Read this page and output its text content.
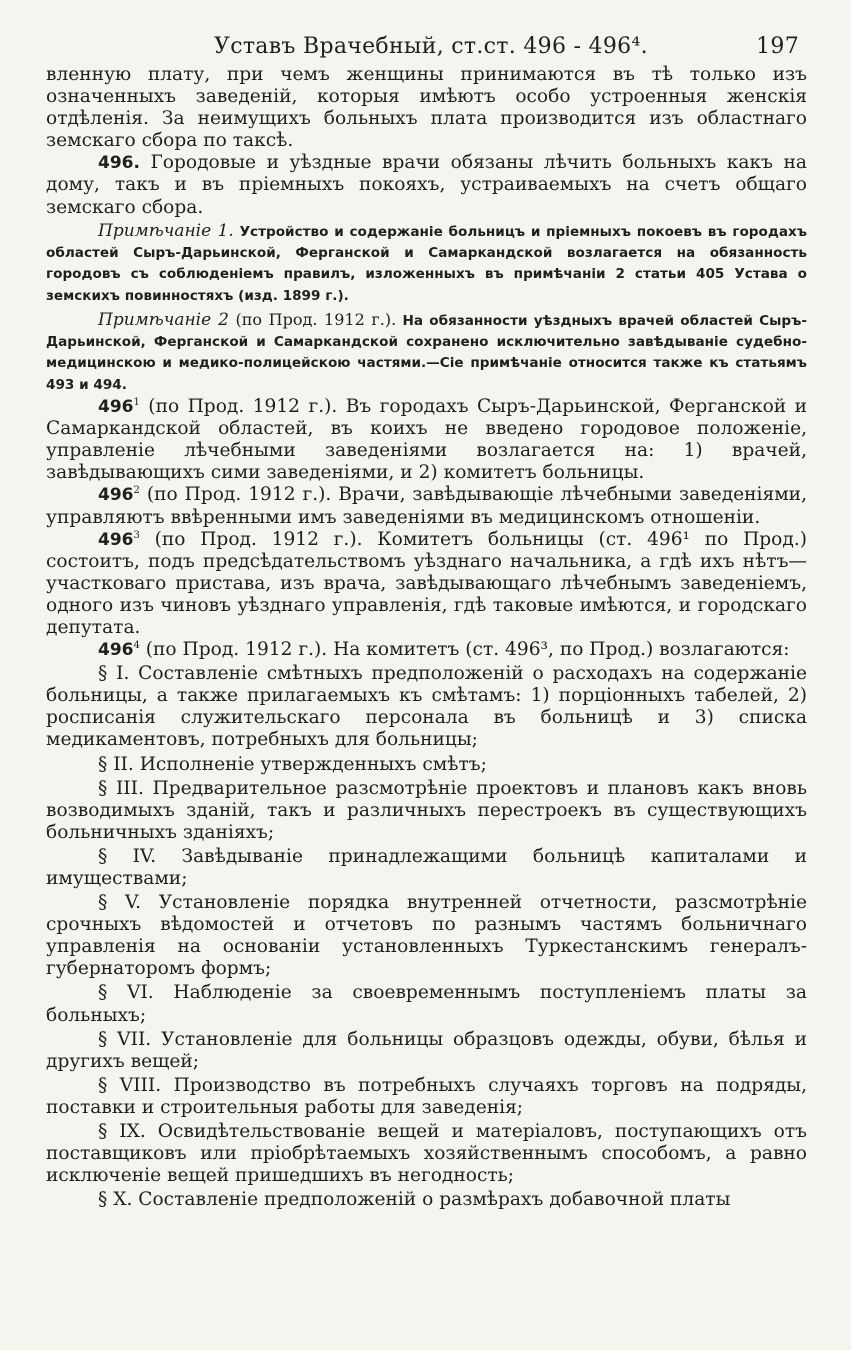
Уставъ Врачебный, ст.ст. 496 - 496⁴.	197

вленную плату, при чемъ женщины принимаются въ тѣ только изъ означенныхъ заведенiй, которыя имѣютъ особо устроенныя женскiя отдѣленiя. За неимущихъ больныхъ плата производится изъ областнаго земскаго сбора по таксѣ.

496. Городовые и уѣздные врачи обязаны лѣчить больныхъ какъ на дому, такъ и въ прiемныхъ покояхъ, устраиваемыхъ на счетъ общаго земскаго сбора.

Примѣчанiе 1. Устройство и содержанiе больницъ и прiемныхъ покоевъ въ городахъ областей Сыръ-Дарьинской, Ферганской и Самаркандской возлагается на обязанность городовъ съ соблюденiемъ правилъ, изложенныхъ въ примѣчанiи 2 статьи 405 Устава о земскихъ повинностяхъ (изд. 1899 г.).

Примѣчанiе 2 (по Прод. 1912 г.). На обязанности уѣздныхъ врачей областей Сыръ-Дарьинской, Ферганской и Самаркандской сохранено исключительно завѣдыванiе судебно-медицинскою и медико-полицейскою частями.—Сiе примѣчанiе относится также къ статьямъ 493 и 494.

$496^1$ (по Прод. 1912 г.). Въ городахъ Сыръ-Дарьинской, Ферганской и Самаркандской областей, въ коихъ не введено городовое положенiе, управленiе лѣчебными заведенiями возлагается на: 1) врачей, завѣдывающихъ сими заведенiями, и 2) комитетъ больницы.

$496^2$ (по Прод. 1912 г.). Врачи, завѣдывающiе лѣчебными заведенiями, управляютъ ввѣренными имъ заведенiями въ медицинскомъ отношенiи.

$496^3$ (по Прод. 1912 г.). Комитетъ больницы (ст. 496¹ по Прод.) состоитъ, подъ предсѣдательствомъ уѣзднаго начальника, а гдѣ ихъ нѣтъ—участковаго пристава, изъ врача, завѣдывающаго лѣчебнымъ заведенiемъ, одного изъ чиновъ уѣзднаго управленiя, гдѣ таковые имѣются, и городскаго депутата.

$496^4$ (по Прод. 1912 г.). На комитетъ (ст. 496³, по Прод.) возлагаются:

§ I. Составленiе смѣтныхъ предположенiй о расходахъ на содержанiе больницы, а также прилагаемыхъ къ смѣтамъ: 1) порцiонныхъ табелей, 2) росписанiя служительскаго персонала въ больницѣ и 3) списка медикаментовъ, потребныхъ для больницы;

§ II. Исполненiе утвержденныхъ смѣтъ;

§ III. Предварительное разсмотрѣнiе проектовъ и плановъ какъ вновь возводимыхъ зданiй, такъ и различныхъ перестроекъ въ существующихъ больничныхъ зданiяхъ;

§ IV. Завѣдыванiе принадлежащими больницѣ капиталами и имуществами;

§ V. Установленiе порядка внутренней отчетности, разсмотрѣнiе срочныхъ вѣдомостей и отчетовъ по разнымъ частямъ больничнаго управленiя на основанiи установленныхъ Туркестанскимъ генералъ-губернаторомъ формъ;

§ VI. Наблюденiе за своевременнымъ поступленiемъ платы за больныхъ;

§ VII. Установленiе для больницы образцовъ одежды, обуви, бѣлья и другихъ вещей;

§ VIII. Производство въ потребныхъ случаяхъ торговъ на подряды, поставки и строительныя работы для заведенiя;

§ IX. Освидѣтельствованiе вещей и матерiаловъ, поступающихъ отъ поставщиковъ или прiобрѣтаемыхъ хозяйственнымъ способомъ, а равно исключенiе вещей пришедшихъ въ негодность;

§ X. Составленiе предположенiй о размѣрахъ добавочной платы
